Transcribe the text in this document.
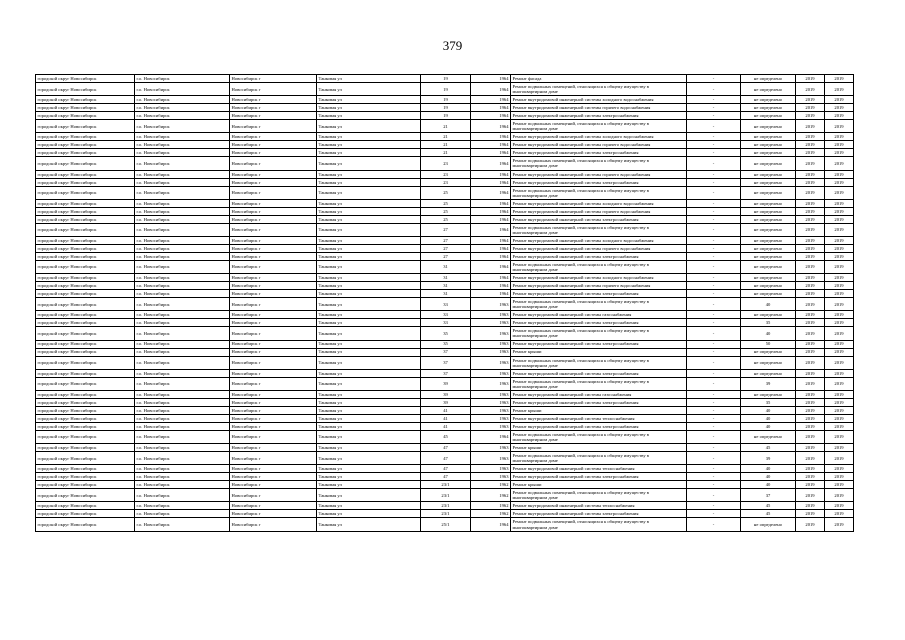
379
городской округ Новосибирск	г.о. Новосибирск	Новосибирск г	Танковая ул	19	1964	Ремонт фасада	-	не определено	2019	2019
городской округ Новосибирск	г.о. Новосибирск	Новосибирск г	Танковая ул	19	1964	Ремонт подвальных помещений, относящихся к общему имуществу в многоквартирном доме	-	не определено	2019	2019
городской округ Новосибирск	г.о. Новосибирск	Новосибирск г	Танковая ул	19	1964	Ремонт внутридомовой инженерной системы холодного водоснабжения	-	не определено	2019	2019
городской округ Новосибирск	г.о. Новосибирск	Новосибирск г	Танковая ул	19	1964	Ремонт внутридомовой инженерной системы горячего водоснабжения	-	не определено	2019	2019
городской округ Новосибирск	г.о. Новосибирск	Новосибирск г	Танковая ул	19	1964	Ремонт внутридомовой инженерной системы электроснабжения	-	не определено	2019	2019
городской округ Новосибирск	г.о. Новосибирск	Новосибирск г	Танковая ул	21	1964	Ремонт подвальных помещений, относящихся к общему имуществу в многоквартирном доме	-	не определено	2019	2019
городской округ Новосибирск	г.о. Новосибирск	Новосибирск г	Танковая ул	21	1964	Ремонт внутридомовой инженерной системы холодного водоснабжения	-	не определено	2019	2019
городской округ Новосибирск	г.о. Новосибирск	Новосибирск г	Танковая ул	21	1964	Ремонт внутридомовой инженерной системы горячего водоснабжения	-	не определено	2019	2019
городской округ Новосибирск	г.о. Новосибирск	Новосибирск г	Танковая ул	21	1964	Ремонт внутридомовой инженерной системы электроснабжения	-	не определено	2019	2019
городской округ Новосибирск	г.о. Новосибирск	Новосибирск г	Танковая ул	23	1964	Ремонт подвальных помещений, относящихся к общему имуществу в многоквартирном доме	-	не определено	2019	2019
городской округ Новосибирск	г.о. Новосибирск	Новосибирск г	Танковая ул	23	1964	Ремонт внутридомовой инженерной системы горячего водоснабжения	-	не определено	2019	2019
городской округ Новосибирск	г.о. Новосибирск	Новосибирск г	Танковая ул	23	1964	Ремонт внутридомовой инженерной системы электроснабжения	-	не определено	2019	2019
городской округ Новосибирск	г.о. Новосибирск	Новосибирск г	Танковая ул	25	1964	Ремонт подвальных помещений, относящихся к общему имуществу в многоквартирном доме	-	не определено	2019	2019
городской округ Новосибирск	г.о. Новосибирск	Новосибирск г	Танковая ул	25	1964	Ремонт внутридомовой инженерной системы холодного водоснабжения	-	не определено	2019	2019
городской округ Новосибирск	г.о. Новосибирск	Новосибирск г	Танковая ул	25	1964	Ремонт внутридомовой инженерной системы горячего водоснабжения	-	не определено	2019	2019
городской округ Новосибирск	г.о. Новосибирск	Новосибирск г	Танковая ул	25	1964	Ремонт внутридомовой инженерной системы электроснабжения	-	не определено	2019	2019
городской округ Новосибирск	г.о. Новосибирск	Новосибирск г	Танковая ул	27	1964	Ремонт подвальных помещений, относящихся к общему имуществу в многоквартирном доме	-	не определено	2019	2019
городской округ Новосибирск	г.о. Новосибирск	Новосибирск г	Танковая ул	27	1964	Ремонт внутридомовой инженерной системы холодного водоснабжения	-	не определено	2019	2019
городской округ Новосибирск	г.о. Новосибирск	Новосибирск г	Танковая ул	27	1964	Ремонт внутридомовой инженерной системы горячего водоснабжения	-	не определено	2019	2019
городской округ Новосибирск	г.о. Новосибирск	Новосибирск г	Танковая ул	27	1964	Ремонт внутридомовой инженерной системы электроснабжения	-	не определено	2019	2019
городской округ Новосибирск	г.о. Новосибирск	Новосибирск г	Танковая ул	31	1964	Ремонт подвальных помещений, относящихся к общему имуществу в многоквартирном доме	-	не определено	2019	2019
городской округ Новосибирск	г.о. Новосибирск	Новосибирск г	Танковая ул	31	1964	Ремонт внутридомовой инженерной системы холодного водоснабжения	-	не определено	2019	2019
городской округ Новосибирск	г.о. Новосибирск	Новосибирск г	Танковая ул	31	1964	Ремонт внутридомовой инженерной системы горячего водоснабжения	-	не определено	2019	2019
городской округ Новосибирск	г.о. Новосибирск	Новосибирск г	Танковая ул	31	1964	Ремонт внутридомовой инженерной системы электроснабжения	-	не определено	2019	2019
городской округ Новосибирск	г.о. Новосибирск	Новосибирск г	Танковая ул	33	1963	Ремонт подвальных помещений, относящихся к общему имуществу в многоквартирном доме	-	40	2019	2019
городской округ Новосибирск	г.о. Новосибирск	Новосибирск г	Танковая ул	33	1963	Ремонт внутридомовой инженерной системы газоснабжения	-	не определено	2019	2019
городской округ Новосибирск	г.о. Новосибирск	Новосибирск г	Танковая ул	33	1963	Ремонт внутридомовой инженерной системы электроснабжения	-	35	2019	2019
городской округ Новосибирск	г.о. Новосибирск	Новосибирск г	Танковая ул	35	1963	Ремонт подвальных помещений, относящихся к общему имуществу в многоквартирном доме	-	40	2019	2019
городской округ Новосибирск	г.о. Новосибирск	Новосибирск г	Танковая ул	35	1963	Ремонт внутридомовой инженерной системы электроснабжения	-	50	2019	2019
городской округ Новосибирск	г.о. Новосибирск	Новосибирск г	Танковая ул	37	1963	Ремонт крыши	-	не определено	2019	2019
городской округ Новосибирск	г.о. Новосибирск	Новосибирск г	Танковая ул	37	1963	Ремонт подвальных помещений, относящихся к общему имуществу в многоквартирном доме	-	не определено	2019	2019
городской округ Новосибирск	г.о. Новосибирск	Новосибирск г	Танковая ул	37	1963	Ремонт внутридомовой инженерной системы электроснабжения	-	не определено	2019	2019
городской округ Новосибирск	г.о. Новосибирск	Новосибирск г	Танковая ул	39	1963	Ремонт подвальных помещений, относящихся к общему имуществу в многоквартирном доме	-	39	2019	2019
городской округ Новосибирск	г.о. Новосибирск	Новосибирск г	Танковая ул	39	1963	Ремонт внутридомовой инженерной системы газоснабжения	-	не определено	2019	2019
городской округ Новосибирск	г.о. Новосибирск	Новосибирск г	Танковая ул	39	1963	Ремонт внутридомовой инженерной системы электроснабжения	-	35	2019	2019
городской округ Новосибирск	г.о. Новосибирск	Новосибирск г	Танковая ул	41	1963	Ремонт крыши	-	40	2019	2019
городской округ Новосибирск	г.о. Новосибирск	Новосибирск г	Танковая ул	41	1963	Ремонт внутридомовой инженерной системы теплоснабжения	-	40	2019	2019
городской округ Новосибирск	г.о. Новосибирск	Новосибирск г	Танковая ул	41	1963	Ремонт внутридомовой инженерной системы электроснабжения	-	40	2019	2019
городской округ Новосибирск	г.о. Новосибирск	Новосибирск г	Танковая ул	45	1964	Ремонт подвальных помещений, относящихся к общему имуществу в многоквартирном доме	-	не определено	2019	2019
городской округ Новосибирск	г.о. Новосибирск	Новосибирск г	Танковая ул	47	1963	Ремонт крыши	-	45	2019	2019
городской округ Новосибирск	г.о. Новосибирск	Новосибирск г	Танковая ул	47	1963	Ремонт подвальных помещений, относящихся к общему имуществу в многоквартирном доме	-	39	2019	2019
городской округ Новосибирск	г.о. Новосибирск	Новосибирск г	Танковая ул	47	1963	Ремонт внутридомовой инженерной системы теплоснабжения	-	40	2019	2019
городской округ Новосибирск	г.о. Новосибирск	Новосибирск г	Танковая ул	47	1963	Ремонт внутридомовой инженерной системы электроснабжения	-	40	2019	2019
городской округ Новосибирск	г.о. Новосибирск	Новосибирск г	Танковая ул	23/1	1962	Ремонт крыши	-	40	2019	2019
городской округ Новосибирск	г.о. Новосибирск	Новосибирск г	Танковая ул	23/1	1962	Ремонт подвальных помещений, относящихся к общему имуществу в многоквартирном доме	-	37	2019	2019
городской округ Новосибирск	г.о. Новосибирск	Новосибирск г	Танковая ул	23/1	1962	Ремонт внутридомовой инженерной системы теплоснабжения	-	45	2019	2019
городской округ Новосибирск	г.о. Новосибирск	Новосибирск г	Танковая ул	23/1	1962	Ремонт внутридомовой инженерной системы электроснабжения	-	45	2019	2019
городской округ Новосибирск	г.о. Новосибирск	Новосибирск г	Танковая ул	25/1	1964	Ремонт подвальных помещений, относящихся к общему имуществу в многоквартирном доме	-	не определено	2019	2019
